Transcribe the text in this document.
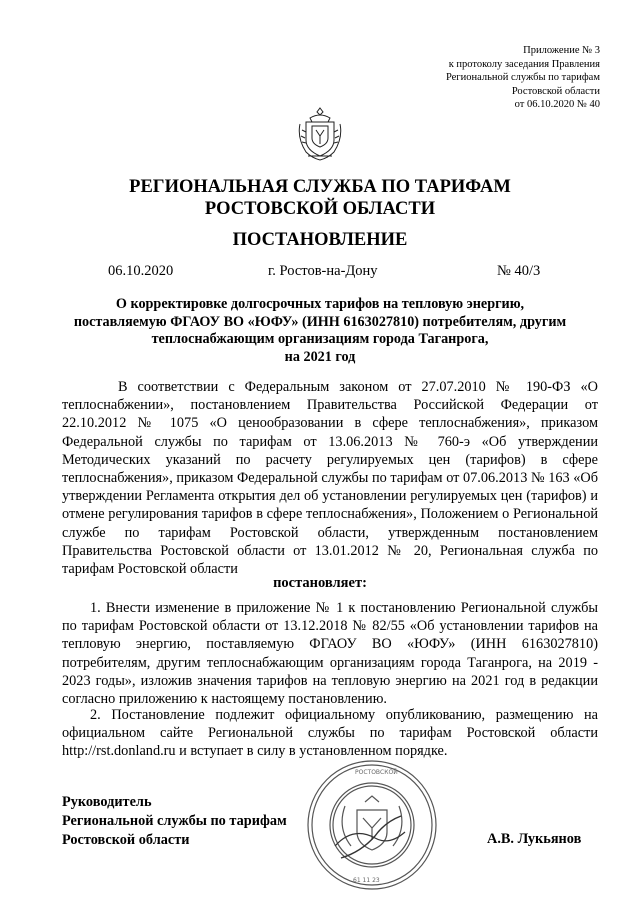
Приложение № 3
к протоколу заседания Правления
Региональной службы по тарифам
Ростовской области
от 06.10.2020 № 40
РЕГИОНАЛЬНАЯ СЛУЖБА ПО ТАРИФАМ
РОСТОВСКОЙ ОБЛАСТИ
ПОСТАНОВЛЕНИЕ
06.10.2020	г. Ростов-на-Дону	№ 40/3
О корректировке долгосрочных тарифов на тепловую энергию,
поставляемую ФГАОУ ВО «ЮФУ» (ИНН 6163027810) потребителям, другим
теплоснабжающим организациям города Таганрога,
на 2021 год
В соответствии с Федеральным законом от 27.07.2010 № 190-ФЗ «О теплоснабжении», постановлением Правительства Российской Федерации от 22.10.2012 № 1075 «О ценообразовании в сфере теплоснабжения», приказом Федеральной службы по тарифам от 13.06.2013 № 760-э «Об утверждении Методических указаний по расчету регулируемых цен (тарифов) в сфере теплоснабжения», приказом Федеральной службы по тарифам от 07.06.2013 № 163 «Об утверждении Регламента открытия дел об установлении регулируемых цен (тарифов) и отмене регулирования тарифов в сфере теплоснабжения», Положением о Региональной службе по тарифам Ростовской области, утвержденным постановлением Правительства Ростовской области от 13.01.2012 № 20, Региональная служба по тарифам Ростовской области
постановляет:
1. Внести изменение в приложение № 1 к постановлению Региональной службы по тарифам Ростовской области от 13.12.2018 № 82/55 «Об установлении тарифов на тепловую энергию, поставляемую ФГАОУ ВО «ЮФУ» (ИНН 6163027810) потребителям, другим теплоснабжающим организациям города Таганрога, на 2019 - 2023 годы», изложив значения тарифов на тепловую энергию на 2021 год в редакции согласно приложению к настоящему постановлению.
2. Постановление подлежит официальному опубликованию, размещению на официальном сайте Региональной службы по тарифам Ростовской области http://rst.donland.ru и вступает в силу в установленном порядке.
Руководитель
Региональной службы по тарифам
Ростовской области
РОСТОВСКОЙ
61 11 23
А.В. Лукьянов
